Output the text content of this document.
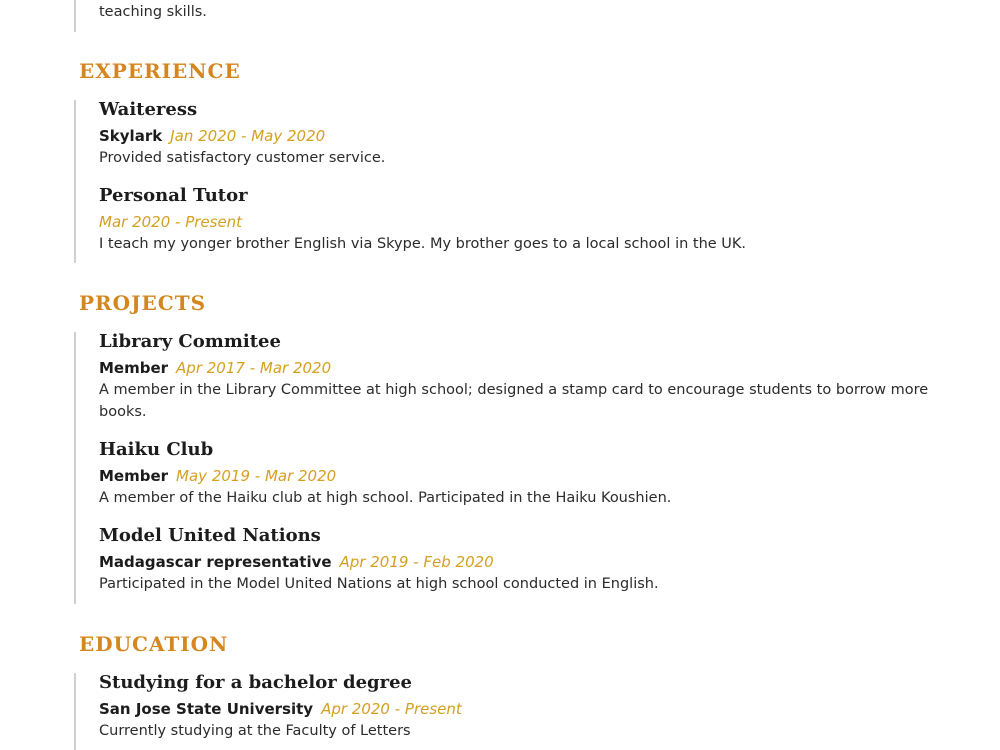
teaching skills.
EXPERIENCE
Waiteress
Skylark Jan 2020 - May 2020
Provided satisfactory customer service.
Personal Tutor
Mar 2020 - Present
I teach my yonger brother English via Skype. My brother goes to a local school in the UK.
PROJECTS
Library Commitee
Member Apr 2017 - Mar 2020
A member in the Library Committee at high school; designed a stamp card to encourage students to borrow more
books.
Haiku Club
Member May 2019 - Mar 2020
A member of the Haiku club at high school. Participated in the Haiku Koushien.
Model United Nations
Madagascar representative Apr 2019 - Feb 2020
Participated in the Model United Nations at high school conducted in English.
EDUCATION
Studying for a bachelor degree
San Jose State University Apr 2020 - Present
Currently studying at the Faculty of Letters
